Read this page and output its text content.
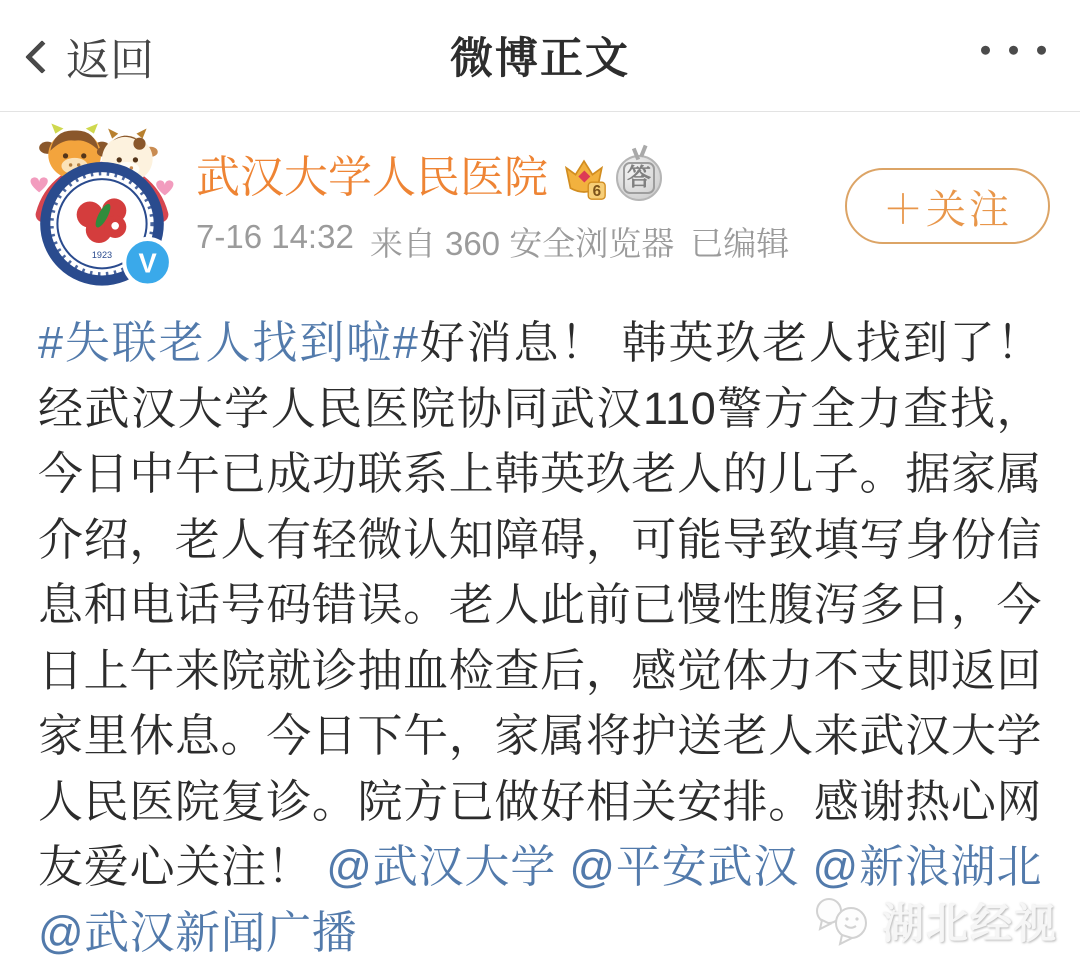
返回	微博正文
1923 V
武汉大学人民医院	6
答
7-16 14:32 来自 360 安全浏览器 已编辑
＋关注
#失联老人找到啦#好消息！ 韩英玖老人找到了！经武汉大学人民医院协同武汉110警方全力查找，今日中午已成功联系上韩英玖老人的儿子。据家属介绍，老人有轻微认知障碍，可能导致填写身份信息和电话号码错误。老人此前已慢性腹泻多日，今日上午来院就诊抽血检查后，感觉体力不支即返回家里休息。今日下午，家属将护送老人来武汉大学人民医院复诊。院方已做好相关安排。感谢热心网友爱心关注！ @武汉大学 @平安武汉 @新浪湖北 @武汉新闻广播	湖北经视
